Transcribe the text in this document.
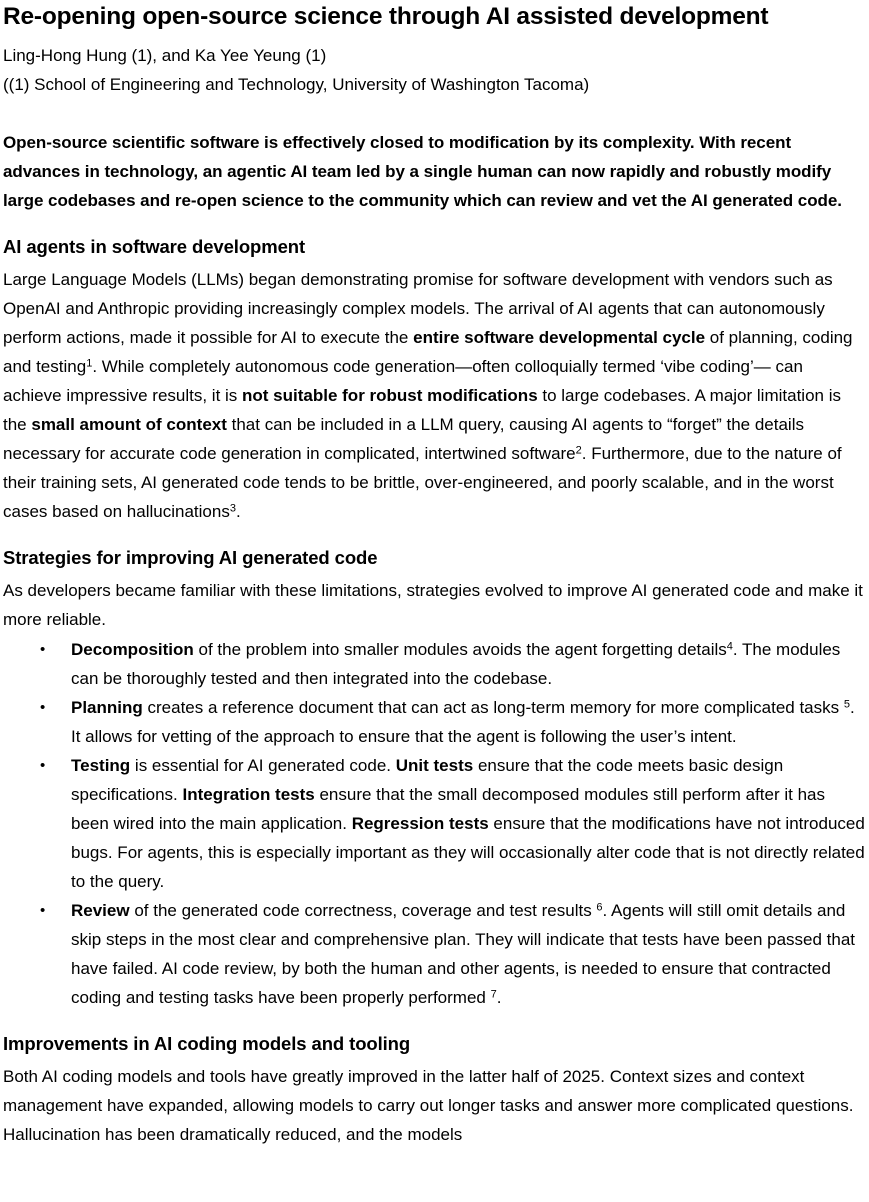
Re-opening open-source science through AI assisted development
Ling-Hong Hung (1), and Ka Yee Yeung (1)
((1) School of Engineering and Technology, University of Washington Tacoma)

Open-source scientific software is effectively closed to modification by its complexity. With recent advances in technology, an agentic AI team led by a single human can now rapidly and robustly modify large codebases and re-open science to the community which can review and vet the AI generated code.

AI agents in software development

Large Language Models (LLMs) began demonstrating promise for software development with vendors such as OpenAI and Anthropic providing increasingly complex models. The arrival of AI agents that can autonomously perform actions, made it possible for AI to execute the entire software developmental cycle of planning, coding and testing$^1$. While completely autonomous code generation—often colloquially termed ‘vibe coding’— can achieve impressive results, it is not suitable for robust modifications to large codebases. A major limitation is the small amount of context that can be included in a LLM query, causing AI agents to “forget” the details necessary for accurate code generation in complicated, intertwined software$^2$. Furthermore, due to the nature of their training sets, AI generated code tends to be brittle, over-engineered, and poorly scalable, and in the worst cases based on hallucinations$^3$.

Strategies for improving AI generated code

As developers became familiar with these limitations, strategies evolved to improve AI generated code and make it more reliable.

• Decomposition of the problem into smaller modules avoids the agent forgetting details$^4$. The modules can be thoroughly tested and then integrated into the codebase.
• Planning creates a reference document that can act as long-term memory for more complicated tasks $^5$. It allows for vetting of the approach to ensure that the agent is following the user’s intent.
• Testing is essential for AI generated code. Unit tests ensure that the code meets basic design specifications. Integration tests ensure that the small decomposed modules still perform after it has been wired into the main application. Regression tests ensure that the modifications have not introduced bugs. For agents, this is especially important as they will occasionally alter code that is not directly related to the query.
• Review of the generated code correctness, coverage and test results $^6$. Agents will still omit details and skip steps in the most clear and comprehensive plan. They will indicate that tests have been passed that have failed. AI code review, by both the human and other agents, is needed to ensure that contracted coding and testing tasks have been properly performed $^7$.
Improvements in AI coding models and tooling

Both AI coding models and tools have greatly improved in the latter half of 2025. Context sizes and context management have expanded, allowing models to carry out longer tasks and answer more complicated questions. Hallucination has been dramatically reduced, and the models
